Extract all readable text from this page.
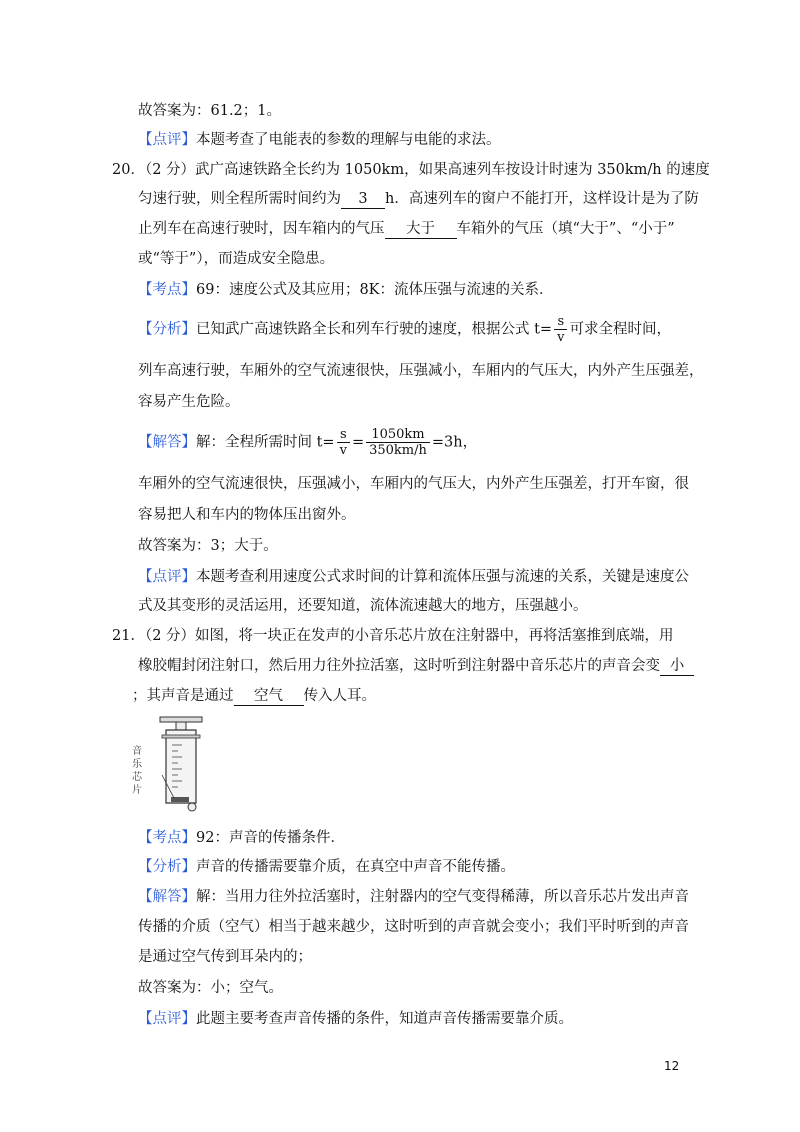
故答案为：61.2；1。
【点评】本题考查了电能表的参数的理解与电能的求法。
20．（2 分）武广高速铁路全长约为 1050km，如果高速列车按设计时速为 350km/h 的速度
匀速行驶，则全程所需时间约为 3 h．高速列车的窗户不能打开，这样设计是为了防
止列车在高速行驶时，因车箱内的气压 大于 车箱外的气压（填“大于”、“小于”
或“等于”），而造成安全隐患。
【考点】69：速度公式及其应用；8K：流体压强与流速的关系．
【分析】已知武广高速铁路全长和列车行驶的速度，根据公式 $t= \frac{s}{v}$ 可求全程时间，
列车高速行驶，车厢外的空气流速很快，压强减小，车厢内的气压大，内外产生压强差，
容易产生危险。
【解答】解：全程所需时间 $t= \frac{s}{v} = \frac{1050km}{350km/h} =3h$，
车厢外的空气流速很快，压强减小，车厢内的气压大，内外产生压强差，打开车窗，很
容易把人和车内的物体压出窗外。
故答案为：3；大于。
【点评】本题考查利用速度公式求时间的计算和流体压强与流速的关系，关键是速度公
式及其变形的灵活运用，还要知道，流体流速越大的地方，压强越小。
21．（2 分）如图，将一块正在发声的小音乐芯片放在注射器中，再将活塞推到底端，用
橡胶帽封闭注射口，然后用力往外拉活塞，这时听到注射器中音乐芯片的声音会变 小
；其声音是通过 空气 传入人耳。
音乐芯片
【考点】92：声音的传播条件．
【分析】声音的传播需要靠介质，在真空中声音不能传播。
【解答】解：当用力往外拉活塞时，注射器内的空气变得稀薄，所以音乐芯片发出声音
传播的介质（空气）相当于越来越少，这时听到的声音就会变小；我们平时听到的声音
是通过空气传到耳朵内的；
故答案为：小；空气。
【点评】此题主要考查声音传播的条件，知道声音传播需要靠介质。
12
